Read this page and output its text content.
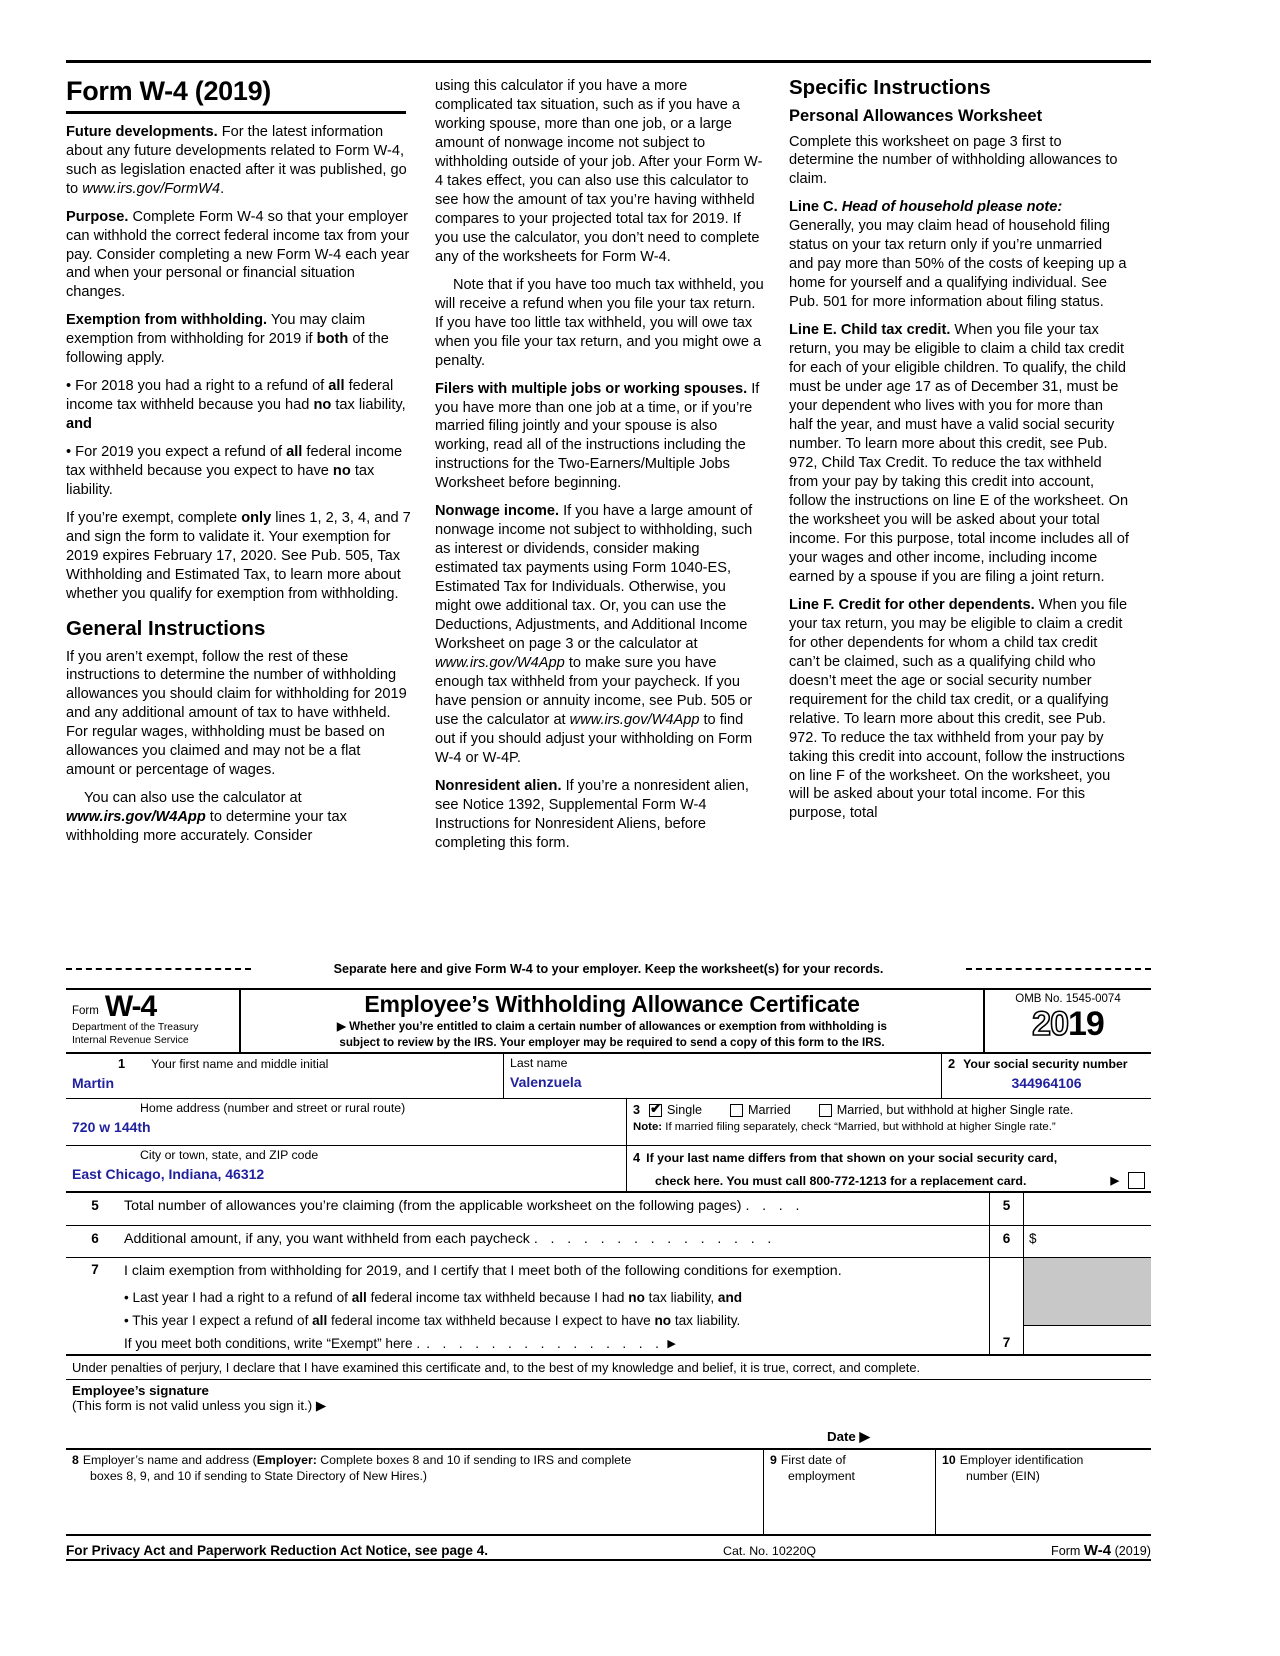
Form W-4 (2019)

Future developments. For the latest information about any future developments related to Form W-4, such as legislation enacted after it was published, go to www.irs.gov/FormW4.

Purpose. Complete Form W-4 so that your employer can withhold the correct federal income tax from your pay. Consider completing a new Form W-4 each year and when your personal or financial situation changes.

Exemption from withholding. You may claim exemption from withholding for 2019 if both of the following apply.

• For 2018 you had a right to a refund of all federal income tax withheld because you had no tax liability, and

• For 2019 you expect a refund of all federal income tax withheld because you expect to have no tax liability.

If you’re exempt, complete only lines 1, 2, 3, 4, and 7 and sign the form to validate it. Your exemption for 2019 expires February 17, 2020. See Pub. 505, Tax Withholding and Estimated Tax, to learn more about whether you qualify for exemption from withholding.

General Instructions

If you aren’t exempt, follow the rest of these instructions to determine the number of withholding allowances you should claim for withholding for 2019 and any additional amount of tax to have withheld. For regular wages, withholding must be based on allowances you claimed and may not be a flat amount or percentage of wages.

You can also use the calculator at www.irs.gov/W4App to determine your tax withholding more accurately. Consider

using this calculator if you have a more complicated tax situation, such as if you have a working spouse, more than one job, or a large amount of nonwage income not subject to withholding outside of your job. After your Form W-4 takes effect, you can also use this calculator to see how the amount of tax you’re having withheld compares to your projected total tax for 2019. If you use the calculator, you don’t need to complete any of the worksheets for Form W-4.

Note that if you have too much tax withheld, you will receive a refund when you file your tax return. If you have too little tax withheld, you will owe tax when you file your tax return, and you might owe a penalty.

Filers with multiple jobs or working spouses. If you have more than one job at a time, or if you’re married filing jointly and your spouse is also working, read all of the instructions including the instructions for the Two-Earners/Multiple Jobs Worksheet before beginning.

Nonwage income. If you have a large amount of nonwage income not subject to withholding, such as interest or dividends, consider making estimated tax payments using Form 1040-ES, Estimated Tax for Individuals. Otherwise, you might owe additional tax. Or, you can use the Deductions, Adjustments, and Additional Income Worksheet on page 3 or the calculator at www.irs.gov/W4App to make sure you have enough tax withheld from your paycheck. If you have pension or annuity income, see Pub. 505 or use the calculator at www.irs.gov/W4App to find out if you should adjust your withholding on Form W-4 or W-4P.

Nonresident alien. If you’re a nonresident alien, see Notice 1392, Supplemental Form W-4 Instructions for Nonresident Aliens, before completing this form.

Specific Instructions
Personal Allowances Worksheet

Complete this worksheet on page 3 first to determine the number of withholding allowances to claim.

Line C. Head of household please note: Generally, you may claim head of household filing status on your tax return only if you’re unmarried and pay more than 50% of the costs of keeping up a home for yourself and a qualifying individual. See Pub. 501 for more information about filing status.

Line E. Child tax credit. When you file your tax return, you may be eligible to claim a child tax credit for each of your eligible children. To qualify, the child must be under age 17 as of December 31, must be your dependent who lives with you for more than half the year, and must have a valid social security number. To learn more about this credit, see Pub. 972, Child Tax Credit. To reduce the tax withheld from your pay by taking this credit into account, follow the instructions on line E of the worksheet. On the worksheet you will be asked about your total income. For this purpose, total income includes all of your wages and other income, including income earned by a spouse if you are filing a joint return.

Line F. Credit for other dependents. When you file your tax return, you may be eligible to claim a credit for other dependents for whom a child tax credit can’t be claimed, such as a qualifying child who doesn’t meet the age or social security number requirement for the child tax credit, or a qualifying relative. To learn more about this credit, see Pub. 972. To reduce the tax withheld from your pay by taking this credit into account, follow the instructions on line F of the worksheet. On the worksheet, you will be asked about your total income. For this purpose, total

Separate here and give Form W-4 to your employer. Keep the worksheet(s) for your records.
Form W-4
Department of the Treasury
Internal Revenue Service
Employee’s Withholding Allowance Certificate
▶ Whether you’re entitled to claim a certain number of allowances or exemption from withholding is
subject to review by the IRS. Your employer may be required to send a copy of this form to the IRS.
OMB No. 1545-0074
2019
1 Your first name and middle initial
Martin
Last name
Valenzuela
2 Your social security number
344964106
Home address (number and street or rural route)
720 w 144th
3 ✔ Single	Married	Married, but withhold at higher Single rate.
Note: If married filing separately, check “Married, but withhold at higher Single rate.”
City or town, state, and ZIP code
East Chicago, Indiana, 46312
4 If your last name differs from that shown on your social security card,
check here. You must call 800-772-1213 for a replacement card.	▶
5	Total number of allowances you’re claiming (from the applicable worksheet on the following pages) . . . .	5
6	Additional amount, if any, you want withheld from each paycheck . . . . . . . . . . . . . . .	6	$
7	I claim exemption from withholding for 2019, and I certify that I meet both of the following conditions for exemption.
• Last year I had a right to a refund of all federal income tax withheld because I had no tax liability, and
• This year I expect a refund of all federal income tax withheld because I expect to have no tax liability.
If you meet both conditions, write “Exempt” here . . . . . . . . . . . . . . . . ▶	7
Under penalties of perjury, I declare that I have examined this certificate and, to the best of my knowledge and belief, it is true, correct, and complete.
Employee’s signature
(This form is not valid unless you sign it.) ▶
Date ▶
8 Employer’s name and address (Employer: Complete boxes 8 and 10 if sending to IRS and complete
boxes 8, 9, and 10 if sending to State Directory of New Hires.)
9 First date of
employment
10 Employer identification
number (EIN)
For Privacy Act and Paperwork Reduction Act Notice, see page 4.	Cat. No. 10220Q	Form W-4 (2019)
